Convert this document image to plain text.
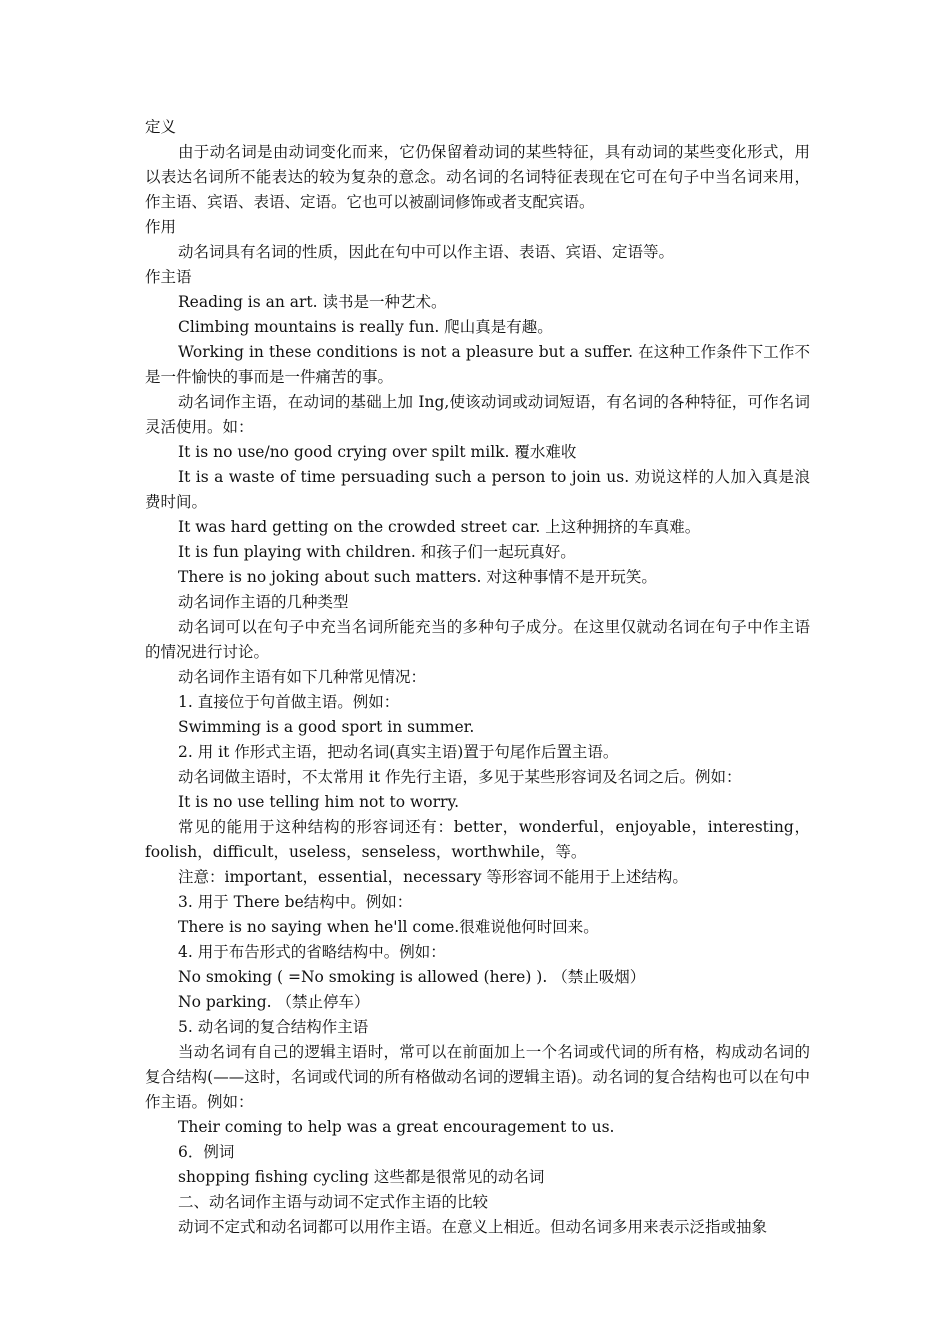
定义

由于动名词是由动词变化而来，它仍保留着动词的某些特征，具有动词的某些变化形式，用以表达名词所不能表达的较为复杂的意念。动名词的名词特征表现在它可在句子中当名词来用，作主语、宾语、表语、定语。它也可以被副词修饰或者支配宾语。

作用

动名词具有名词的性质，因此在句中可以作主语、表语、宾语、定语等。

作主语

Reading is an art. 读书是一种艺术。

Climbing mountains is really fun. 爬山真是有趣。

Working in these conditions is not a pleasure but a suffer. 在这种工作条件下工作不是一件愉快的事而是一件痛苦的事。

动名词作主语，在动词的基础上加 Ing,使该动词或动词短语，有名词的各种特征，可作名词灵活使用。如：

It is no use/no good crying over spilt milk. 覆水难收

It is a waste of time persuading such a person to join us. 劝说这样的人加入真是浪费时间。

It was hard getting on the crowded street car. 上这种拥挤的车真难。

It is fun playing with children. 和孩子们一起玩真好。

There is no joking about such matters. 对这种事情不是开玩笑。

动名词作主语的几种类型

动名词可以在句子中充当名词所能充当的多种句子成分。在这里仅就动名词在句子中作主语的情况进行讨论。

动名词作主语有如下几种常见情况：

1. 直接位于句首做主语。例如：

Swimming is a good sport in summer.

2. 用 it 作形式主语，把动名词(真实主语)置于句尾作后置主语。

动名词做主语时，不太常用 it 作先行主语，多见于某些形容词及名词之后。例如：

It is no use telling him not to worry.

常见的能用于这种结构的形容词还有：better，wonderful，enjoyable，interesting，foolish，difficult，useless，senseless，worthwhile，等。

注意：important，essential，necessary 等形容词不能用于上述结构。

3. 用于 There be结构中。例如：

There is no saying when he'll come.很难说他何时回来。

4. 用于布告形式的省略结构中。例如：

No smoking ( =No smoking is allowed (here) ). （禁止吸烟）

No parking. （禁止停车）

5. 动名词的复合结构作主语

当动名词有自己的逻辑主语时，常可以在前面加上一个名词或代词的所有格，构成动名词的复合结构(——这时，名词或代词的所有格做动名词的逻辑主语)。动名词的复合结构也可以在句中作主语。例如：

Their coming to help was a great encouragement to us.

6．例词

shopping fishing cycling 这些都是很常见的动名词

二、动名词作主语与动词不定式作主语的比较

动词不定式和动名词都可以用作主语。在意义上相近。但动名词多用来表示泛指或抽象
